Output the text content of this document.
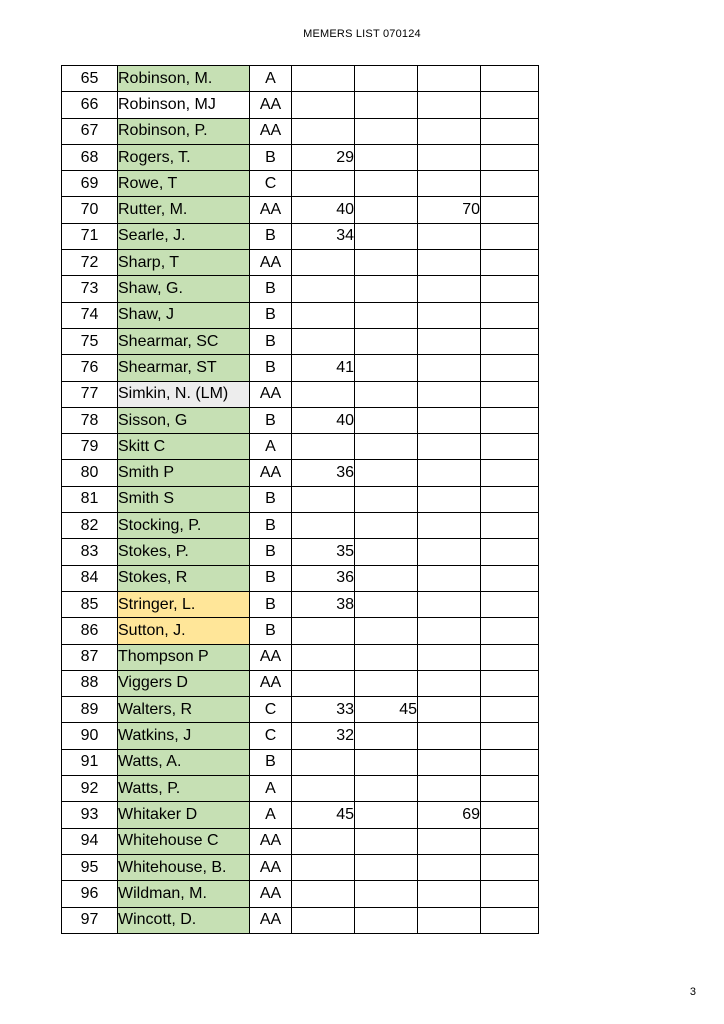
MEMERS LIST 070124
65	Robinson, M.	A				
66	Robinson, MJ	AA				
67	Robinson, P.	AA				
68	Rogers, T.	B	29			
69	Rowe, T	C				
70	Rutter, M.	AA	40		70	
71	Searle, J.	B	34			
72	Sharp, T	AA				
73	Shaw, G.	B				
74	Shaw, J	B				
75	Shearmar, SC	B				
76	Shearmar, ST	B	41			
77	Simkin, N. (LM)	AA				
78	Sisson, G	B	40			
79	Skitt C	A				
80	Smith P	AA	36			
81	Smith S	B				
82	Stocking, P.	B				
83	Stokes, P.	B	35			
84	Stokes, R	B	36			
85	Stringer, L.	B	38			
86	Sutton, J.	B				
87	Thompson P	AA				
88	Viggers D	AA				
89	Walters, R	C	33	45		
90	Watkins, J	C	32			
91	Watts, A.	B				
92	Watts, P.	A				
93	Whitaker D	A	45		69	
94	Whitehouse C	AA				
95	Whitehouse, B.	AA				
96	Wildman, M.	AA				
97	Wincott, D.	AA				
3
